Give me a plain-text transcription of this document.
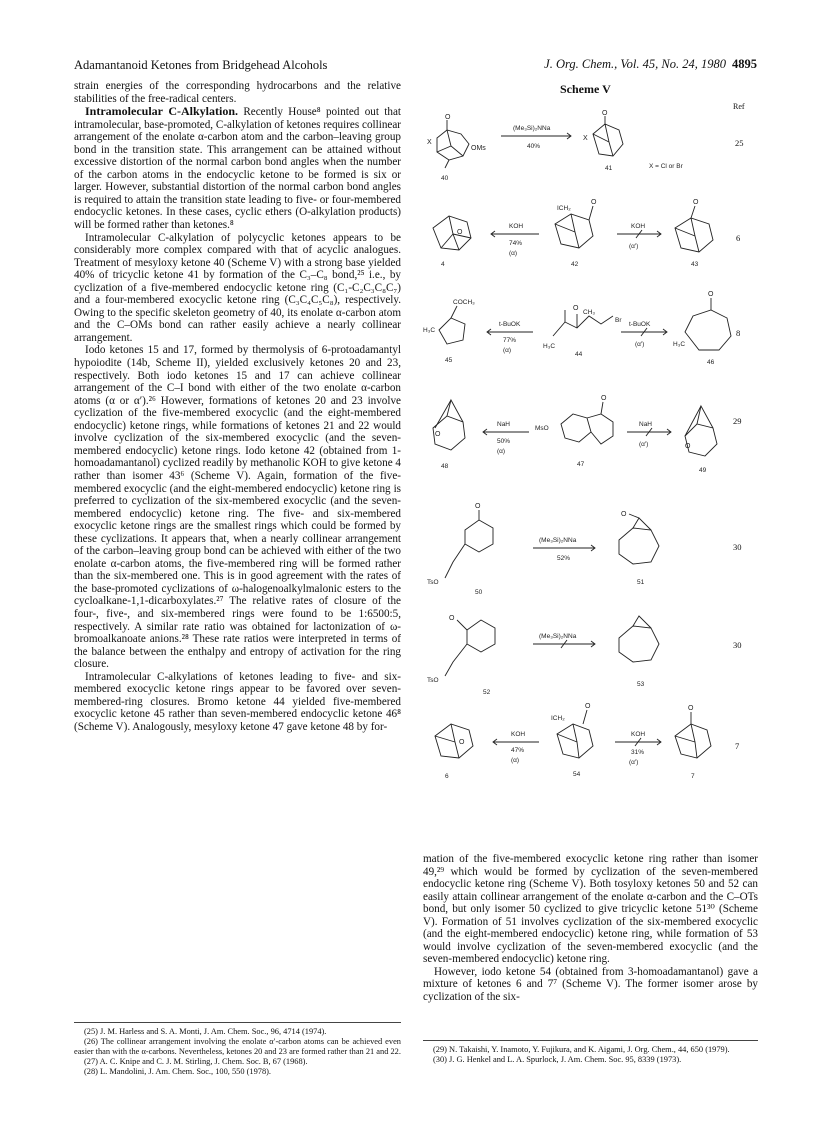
Adamantanoid Ketones from Bridgehead Alcohols	J. Org. Chem., Vol. 45, No. 24, 1980 4895

strain energies of the corresponding hydrocarbons and the relative stabilities of the free-radical centers.

Intramolecular C-Alkylation. Recently House⁸ pointed out that intramolecular, base-promoted, C-alkylation of ketones requires collinear arrangement of the enolate α-carbon atom and the carbon–leaving group bond in the transition state. This arrangement can be attained without excessive distortion of the normal carbon bond angles when the number of the carbon atoms in the endocyclic ketone to be formed is six or larger. However, substantial distortion of the normal carbon bond angles is required to attain the transition state leading to five- or four-membered endocyclic ketones. In these cases, cyclic ethers (O-alkylation products) will be formed rather than ketones.⁸

Intramolecular C-alkylation of polycyclic ketones appears to be considerably more complex compared with that of acyclic analogues. Treatment of mesyloxy ketone 40 (Scheme V) with a strong base yielded 40% of tricyclic ketone 41 by formation of the C₃–C₈ bond,²⁵ i.e., by cyclization of a five-membered endocyclic ketone ring (C₁-C₂C₃C₈C₇) and a four-membered exocyclic ketone ring (C₃C₄C₅C₈), respectively. Owing to the specific skeleton geometry of 40, its enolate α-carbon atom and the C–OMs bond can rather easily achieve a nearly collinear arrangement.

Iodo ketones 15 and 17, formed by thermolysis of 6-protoadamantyl hypoiodite (14b, Scheme II), yielded exclusively ketones 20 and 23, respectively. Both iodo ketones 15 and 17 can achieve collinear arrangement of the C–I bond with either of the two enolate α-carbon atoms (α or α′).²⁶ However, formations of ketones 20 and 23 involve cyclization of the five-membered exocyclic (and the eight-membered endocyclic) ketone rings, while formations of ketones 21 and 22 would involve cyclization of the six-membered exocyclic (and the seven-membered endocyclic) ketone rings. Iodo ketone 42 (obtained from 1-homoadamantanol) cyclized readily by methanolic KOH to give ketone 4 rather than isomer 43⁶ (Scheme V). Again, formation of the five-membered exocyclic (and the eight-membered endocyclic) ketone ring is preferred to cyclization of the six-membered exocyclic (and the seven-membered endocyclic) ketone ring. The five- and six-membered exocyclic ketone rings are the smallest rings which could be formed by these cyclizations. It appears that, when a nearly collinear arrangement of the carbon–leaving group bond can be achieved with either of the two enolate α-carbon atoms, the five-membered ring will be formed rather than the six-membered one. This is in good agreement with the rates of the base-promoted cyclizations of ω-halogenoalkylmalonic esters to the cycloalkane-1,1-dicarboxylates.²⁷ The relative rates of closure of the four-, five-, and six-membered rings were found to be 1:6500:5, respectively. A similar rate ratio was obtained for lactonization of ω-bromoalkanoate anions.²⁸ These rate ratios were interpreted in terms of the balance between the enthalpy and entropy of activation for the ring closure.

Intramolecular C-alkylations of ketones leading to five- and six-membered exocyclic ketone rings appear to be favored over seven-membered-ring closures. Bromo ketone 44 yielded five-membered exocyclic ketone 45 rather than seven-membered endocyclic ketone 46⁸ (Scheme V). Analogously, mesyloxy ketone 47 gave ketone 48 by for-

(25) J. M. Harless and S. A. Monti, J. Am. Chem. Soc., 96, 4714 (1974).

(26) The collinear arrangement involving the enolate α′-carbon atoms can be achieved even easier than with the α-carbons. Nevertheless, ketones 20 and 23 are formed rather than 21 and 22.

(27) A. C. Knipe and C. J. M. Stirling, J. Chem. Soc. B, 67 (1968).

(28) L. Mandolini, J. Am. Chem. Soc., 100, 550 (1978).

Scheme V
Ref
25
6
8
29
30
30
7
O
X
OMs
40
(Me₃Si)₂NNa
40%
O
X
41	X = Cl or Br
O
4
KOH
74%
(α)
O
ICH₂
42
KOH
(α′)
O
43
COCH₃
H₃C
45
t-BuOK
77%
(α)
O
CH₃
H₃C
Br
44
t-BuOK
(α′)
O
H₃C
46
O
48
NaH
50%
(α)
O
MsO
47
NaH
(α′)	O
49
O
TsO
50
(Me₃Si)₂NNa
52%
O
51
O
TsO
52
(Me₃Si)₂NNa
53
O
6
KOH
47%
(α)
O
ICH₂
54
KOH
31%
(α′)
O
7

mation of the five-membered exocyclic ketone ring rather than isomer 49,²⁹ which would be formed by cyclization of the seven-membered endocyclic ketone ring (Scheme V). Both tosyloxy ketones 50 and 52 can easily attain collinear arrangement of the enolate α-carbon and the C–OTs bond, but only isomer 50 cyclized to give tricyclic ketone 51³⁰ (Scheme V). Formation of 51 involves cyclization of the six-membered exocyclic (and the eight-membered endocyclic) ketone ring, while formation of 53 would involve cyclization of the seven-membered exocyclic (and the seven-membered endocyclic) ketone ring.

However, iodo ketone 54 (obtained from 3-homoadamantanol) gave a mixture of ketones 6 and 7⁷ (Scheme V). The former isomer arose by cyclization of the six-

(29) N. Takaishi, Y. Inamoto, Y. Fujikura, and K. Aigami, J. Org. Chem., 44, 650 (1979).

(30) J. G. Henkel and L. A. Spurlock, J. Am. Chem. Soc. 95, 8339 (1973).
